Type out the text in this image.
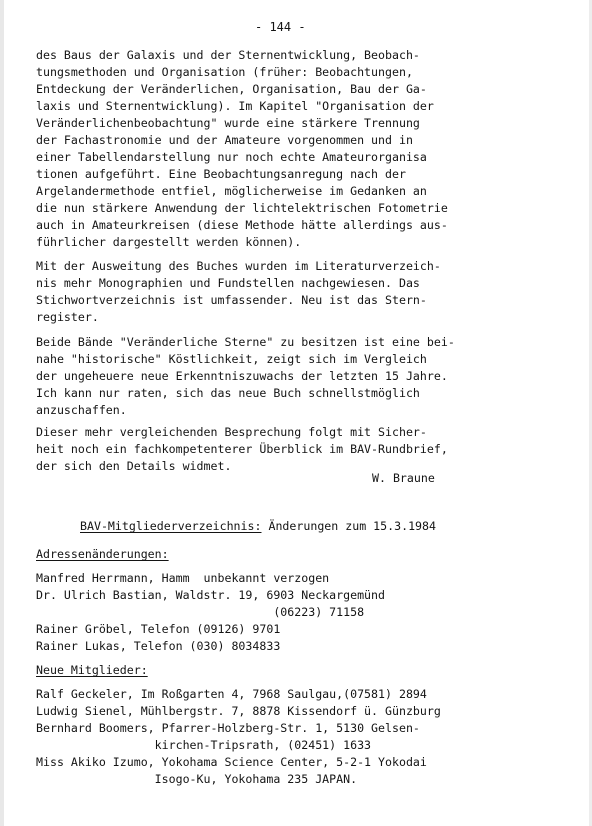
- 144 -
des Baus der Galaxis und der Sternentwicklung, Beobach-
tungsmethoden und Organisation (früher: Beobachtungen,
Entdeckung der Veränderlichen, Organisation, Bau der Ga-
laxis und Sternentwicklung). Im Kapitel "Organisation der
Veränderlichenbeobachtung" wurde eine stärkere Trennung
der Fachastronomie und der Amateure vorgenommen und in
einer Tabellendarstellung nur noch echte Amateurorganisa
tionen aufgeführt. Eine Beobachtungsanregung nach der
Argelandermethode entfiel, möglicherweise im Gedanken an
die nun stärkere Anwendung der lichtelektrischen Fotometrie
auch in Amateurkreisen (diese Methode hätte allerdings aus-
führlicher dargestellt werden können).
Mit der Ausweitung des Buches wurden im Literaturverzeich-
nis mehr Monographien und Fundstellen nachgewiesen. Das
Stichwortverzeichnis ist umfassender. Neu ist das Stern-
register.
Beide Bände "Veränderliche Sterne" zu besitzen ist eine bei-
nahe "historische" Köstlichkeit, zeigt sich im Vergleich
der ungeheuere neue Erkenntniszuwachs der letzten 15 Jahre.
Ich kann nur raten, sich das neue Buch schnellstmöglich
anzuschaffen.
Dieser mehr vergleichenden Besprechung folgt mit Sicher-
heit noch ein fachkompetenterer Überblick im BAV-Rundbrief,
der sich den Details widmet.
W. Braune
BAV-Mitgliederverzeichnis: Änderungen zum 15.3.1984
Adressenänderungen:
Manfred Herrmann, Hamm  unbekannt verzogen
Dr. Ulrich Bastian, Waldstr. 19, 6903 Neckargemünd
(06223) 71158
Rainer Gröbel, Telefon (09126) 9701
Rainer Lukas, Telefon (030) 8034833
Neue Mitglieder:
Ralf Geckeler, Im Roßgarten 4, 7968 Saulgau,(07581) 2894
Ludwig Sienel, Mühlbergstr. 7, 8878 Kissendorf ü. Günzburg
Bernhard Boomers, Pfarrer-Holzberg-Str. 1, 5130 Gelsen-
kirchen-Tripsrath, (02451) 1633
Miss Akiko Izumo, Yokohama Science Center, 5-2-1 Yokodai
Isogo-Ku, Yokohama 235 JAPAN.
